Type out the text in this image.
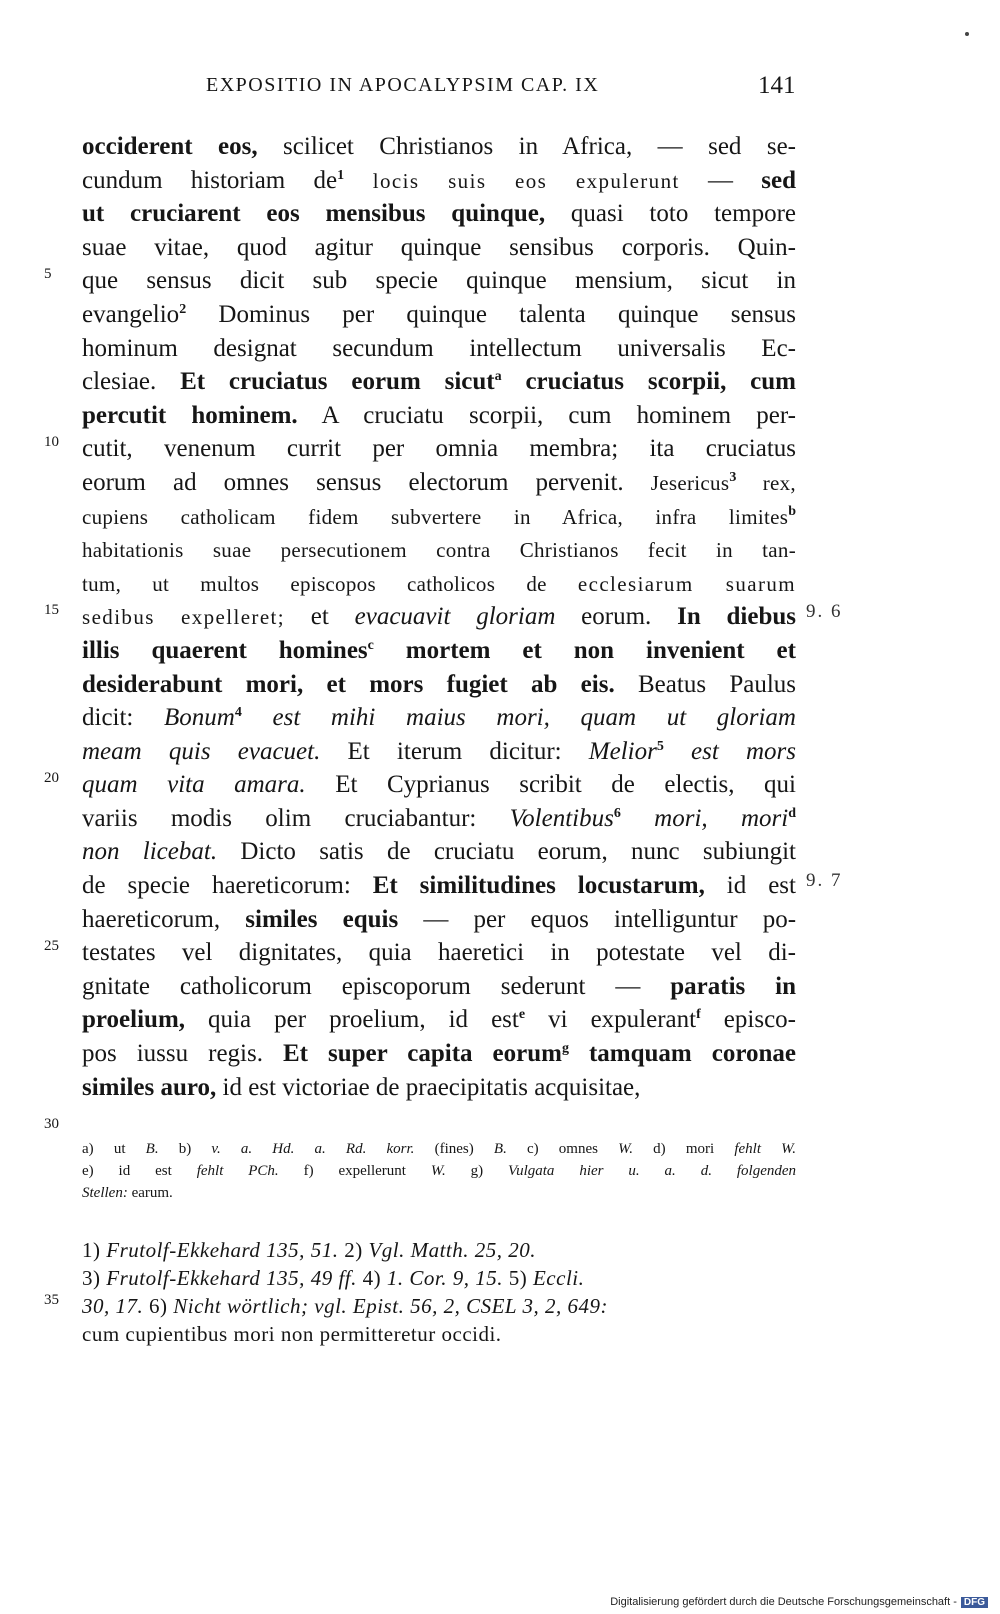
EXPOSITIO IN APOCALYPSIM CAP. IX	141
occiderent eos, scilicet Christianos in Africa, — sed se-
cundum historiam $de^1$ locis suis eos expulerunt — sed
ut cruciarent eos mensibus quinque, quasi toto tempore
suae vitae, quod agitur quinque sensibus corporis. Quin-
que sensus dicit sub specie quinque mensium, sicut in
evangelio$^2$ Dominus per quinque talenta quinque sensus
hominum designat secundum intellectum universalis Ec-
clesiae. Et cruciatus eorum sicut$^a$ cruciatus scorpii, cum
percutit hominem. A cruciatu scorpii, cum hominem per-
cutit, venenum currit per omnia membra; ita cruciatus
eorum ad omnes sensus electorum pervenit. Jesericus$^3$ rex,
cupiens catholicam fidem subvertere in Africa, infra limites$^b$
habitationis suae persecutionem contra Christianos fecit in tan-
tum, ut multos episcopos catholicos de ecclesiarum suarum
sedibus expelleret; et evacuavit gloriam eorum. In diebus
illis quaerent homines$^c$ mortem et non invenient et
desiderabunt mori, et mors fugiet ab eis. Beatus Paulus
dicit: Bonum$^4$ est mihi maius mori, quam ut gloriam
meam quis evacuet. Et iterum dicitur: Melior$^5$ est mors
quam vita amara. Et Cyprianus scribit de electis, qui
variis modis olim cruciabantur: Volentibus$^6$ mori, mori$^d$
non licebat. Dicto satis de cruciatu eorum, nunc subiungit
de specie haereticorum: Et similitudines locustarum, id est
haereticorum, similes equis — per equos intelliguntur po-
testates vel dignitates, quia haeretici in potestate vel di-
gnitate catholicorum episcoporum sederunt — paratis in
proelium, quia per proelium, id est$^e$ vi expulerant$^f$ episco-
pos iussu regis. Et super capita eorum$^g$ tamquam coronae
similes auro, id est victoriae de praecipitatis acquisitae,
5
10
15
20
25
30
35
9. 6
9. 7
a) ut B. b) v. a. Hd. a. Rd. korr. (fines) B. c) omnes W. d) mori fehlt W.
e) id est fehlt PCh. f) expellerunt W. g) Vulgata hier u. a. d. folgenden
Stellen: earum.
1) Frutolf-Ekkehard 135, 51. 2) Vgl. Matth. 25, 20.
3) Frutolf-Ekkehard 135, 49 ff. 4) 1. Cor. 9, 15. 5) Eccli.
30, 17. 6) Nicht wörtlich; vgl. Epist. 56, 2, CSEL 3, 2, 649:
cum cupientibus mori non permitteretur occidi.
Digitalisierung gefördert durch die Deutsche Forschungsgemeinschaft - DFG
